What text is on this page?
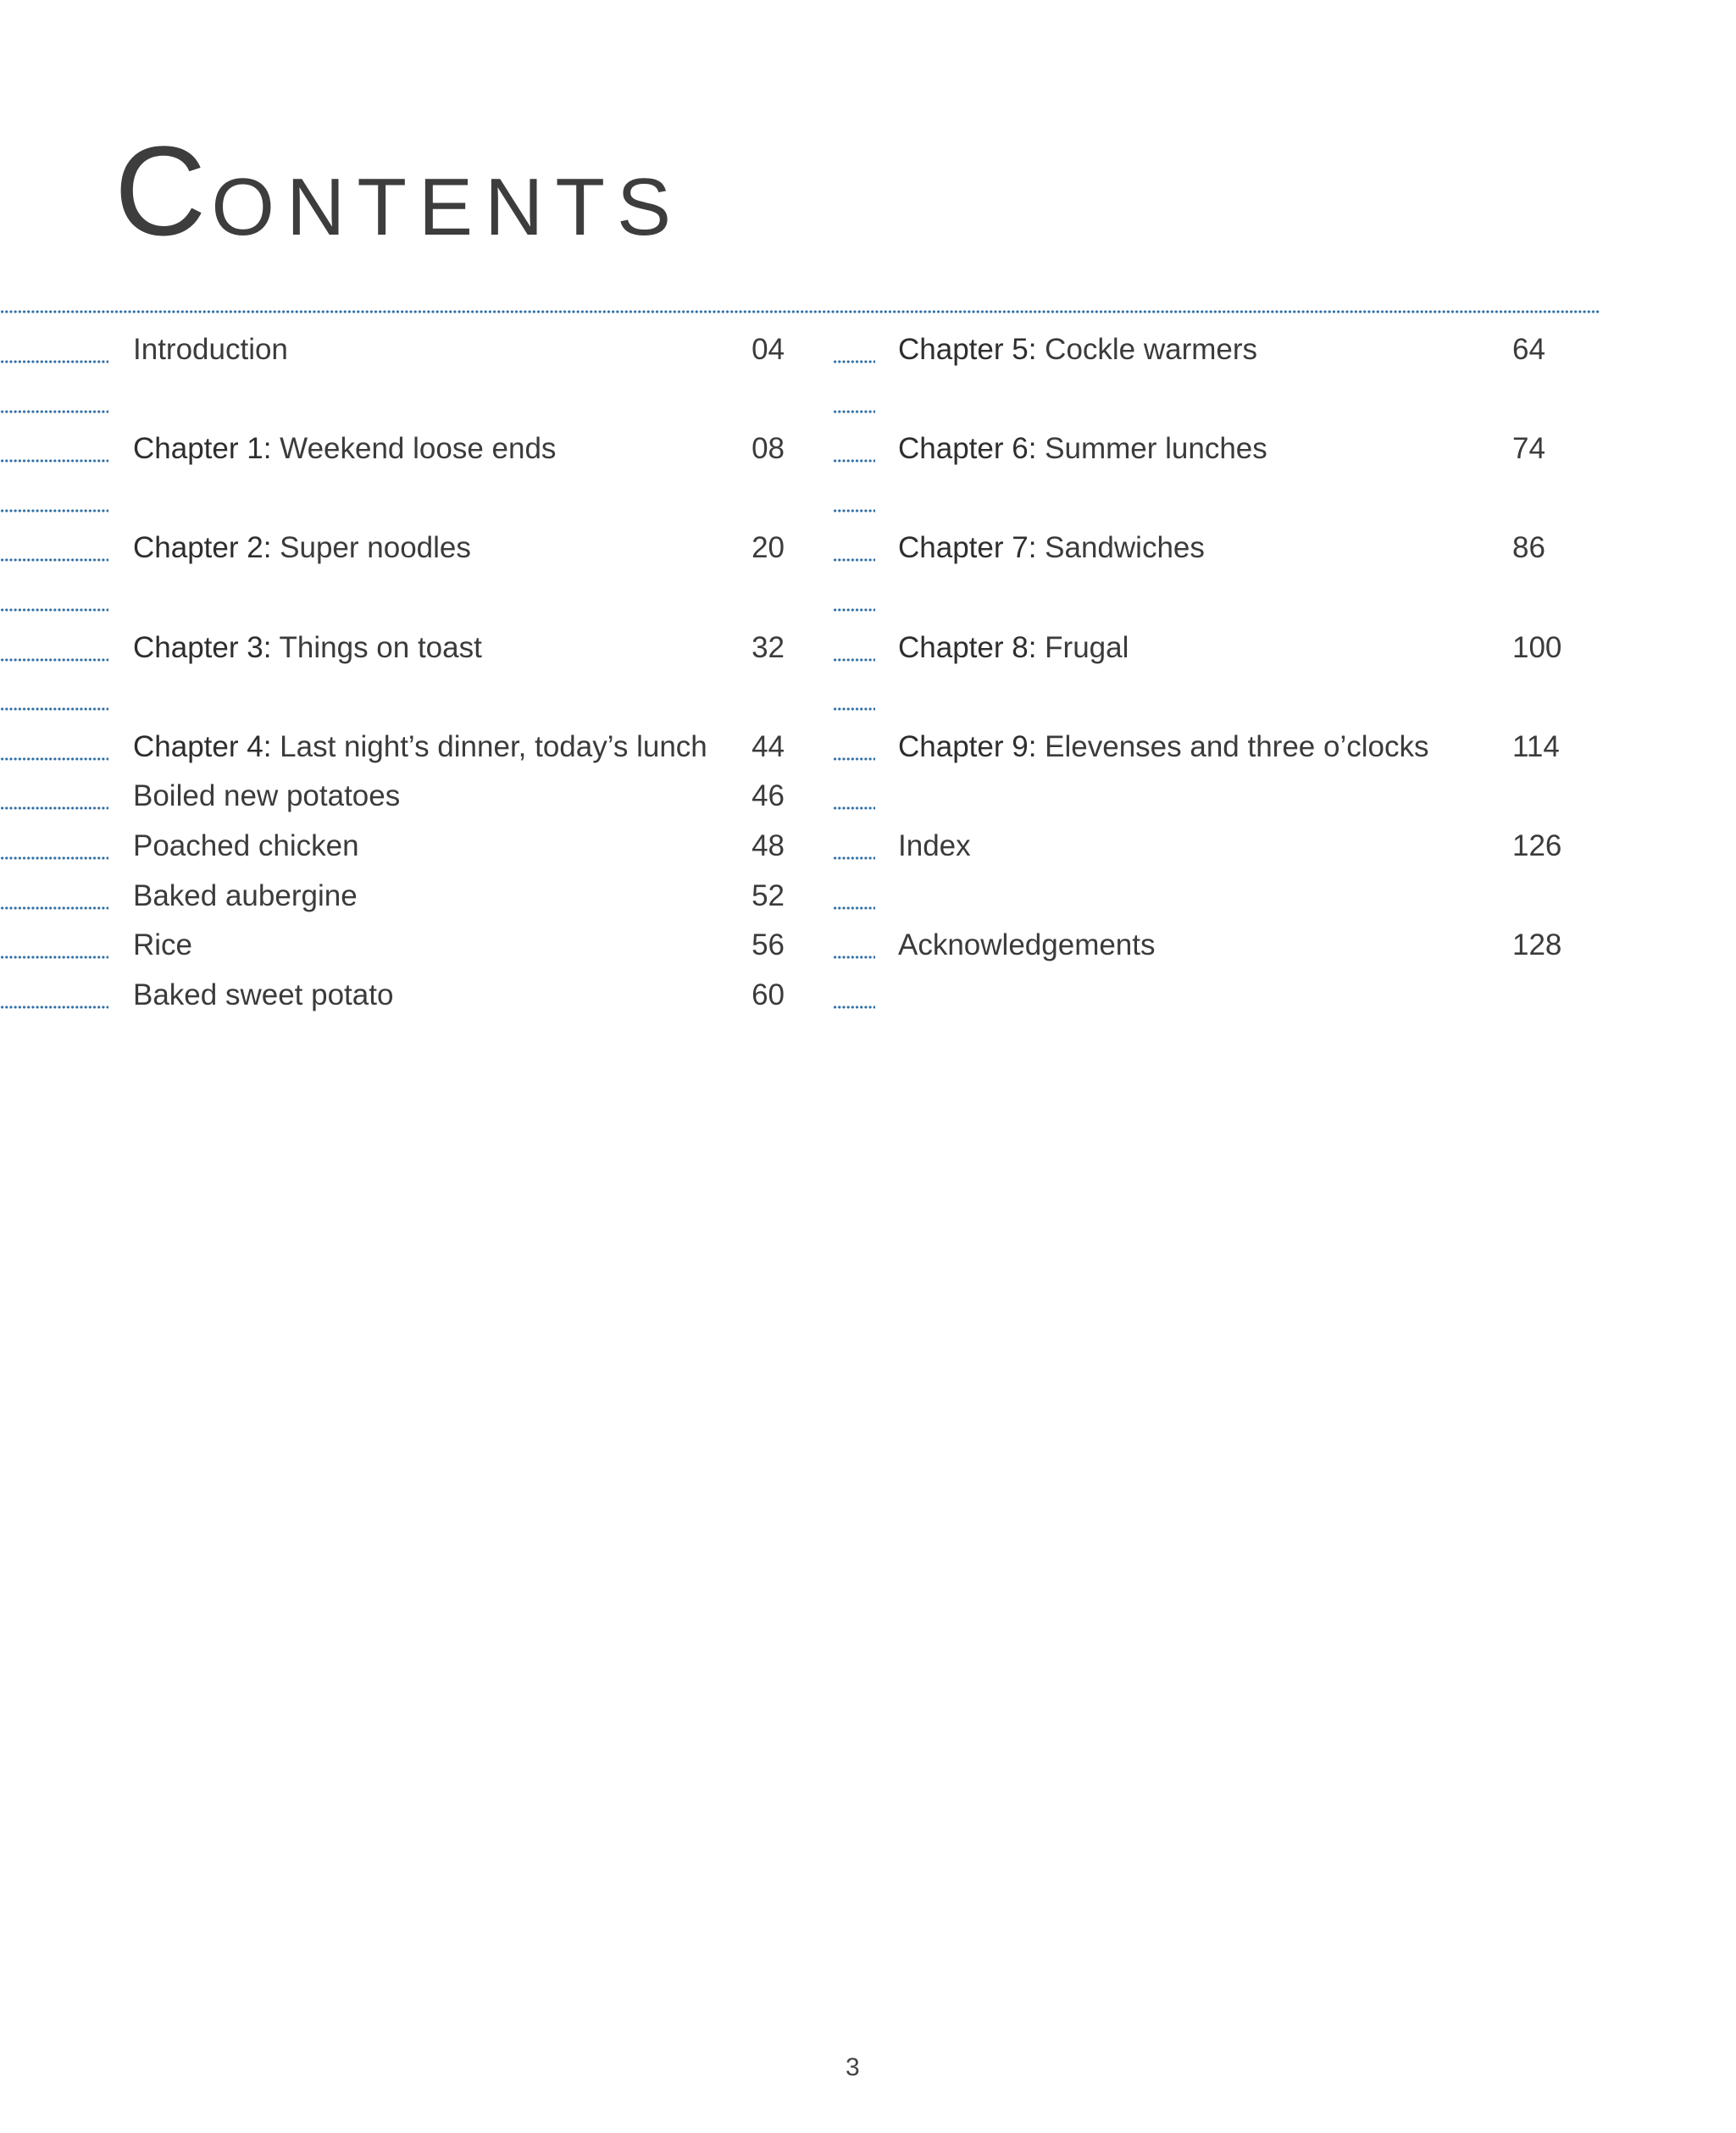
CONTENTS
Introduction	04
Chapter 1: Weekend loose ends	08
Chapter 2: Super noodles	20
Chapter 3: Things on toast	32
Chapter 4: Last night’s dinner, today’s lunch	44
Boiled new potatoes	46
Poached chicken	48
Baked aubergine	52
Rice	56
Baked sweet potato	60
Chapter 5: Cockle warmers	64
Chapter 6: Summer lunches	74
Chapter 7: Sandwiches	86
Chapter 8: Frugal	100
Chapter 9: Elevenses and three o’clocks	114
Index	126
Acknowledgements	128
3
